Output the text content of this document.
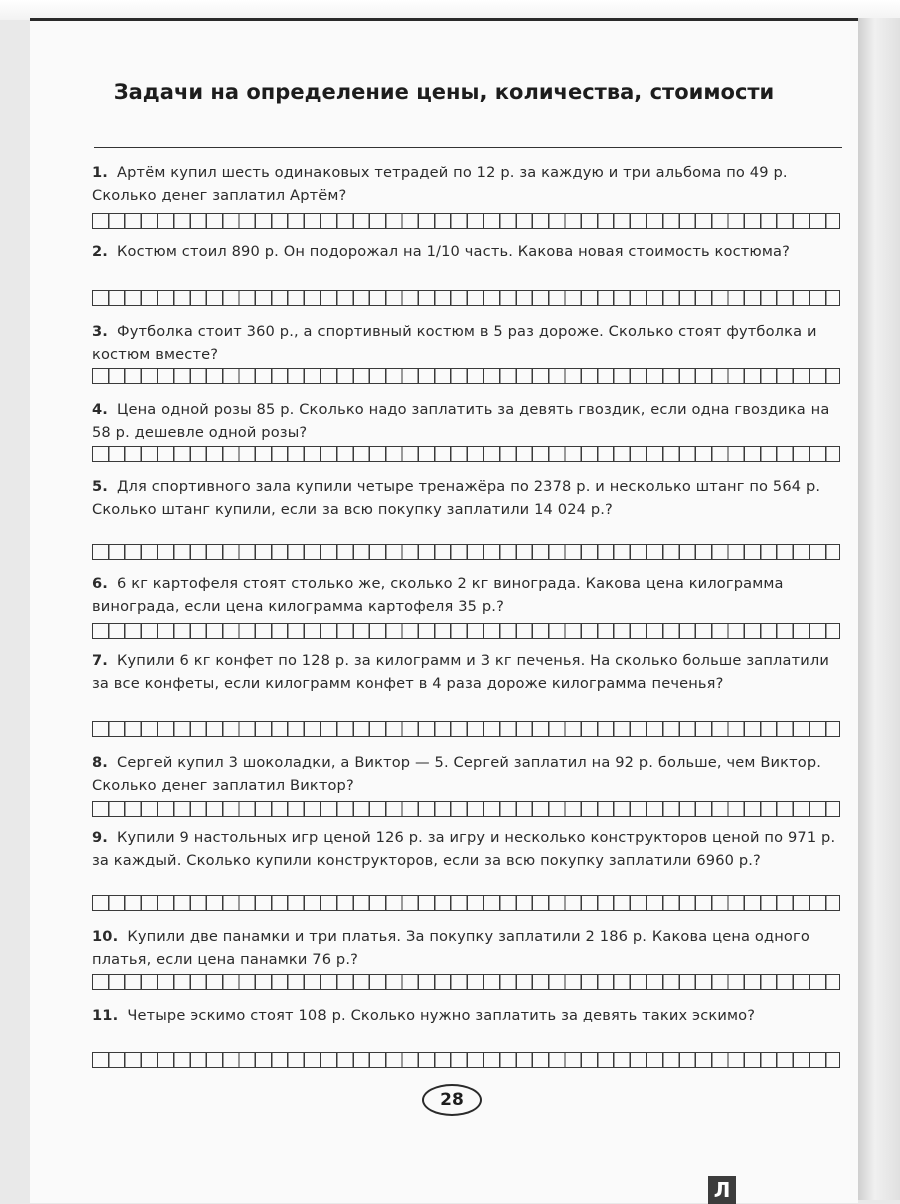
Задачи на определение цены, количества, стоимости
1. Артём купил шесть одинаковых тетрадей по 12 р. за каждую и три альбома по 49 р. Сколько денег заплатил Артём?
2. Костюм стоил 890 р. Он подорожал на 1/10 часть. Какова новая стоимость костюма?
3. Футболка стоит 360 р., а спортивный костюм в 5 раз дороже. Сколько стоят футболка и костюм вместе?
4. Цена одной розы 85 р. Сколько надо заплатить за девять гвоздик, если одна гвоздика на 58 р. дешевле одной розы?
5. Для спортивного зала купили четыре тренажёра по 2378 р. и несколько штанг по 564 р. Сколько штанг купили, если за всю покупку заплатили 14 024 р.?
6. 6 кг картофеля стоят столько же, сколько 2 кг винограда. Какова цена килограмма винограда, если цена килограмма картофеля 35 р.?
7. Купили 6 кг конфет по 128 р. за килограмм и 3 кг печенья. На сколько больше заплатили за все конфеты, если килограмм конфет в 4 раза дороже килограмма печенья?
8. Сергей купил 3 шоколадки, а Виктор — 5. Сергей заплатил на 92 р. больше, чем Виктор. Сколько денег заплатил Виктор?
9. Купили 9 настольных игр ценой 126 р. за игру и несколько конструкторов ценой по 971 р. за каждый. Сколько купили конструкторов, если за всю покупку заплатили 6960 р.?
10. Купили две панамки и три платья. За покупку заплатили 2 186 р. Какова цена одного платья, если цена панамки 76 р.?
11. Четыре эскимо стоят 108 р. Сколько нужно заплатить за девять таких эскимо?
28
Л
